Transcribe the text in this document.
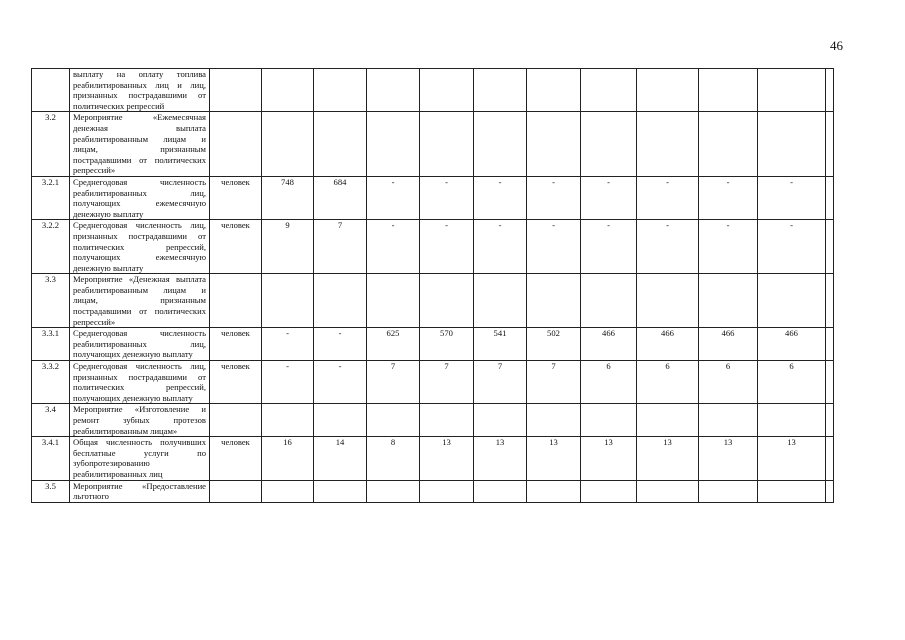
46
	выплату на оплату топлива реабилитированных лиц и лиц, признанных пострадавшими от политических репрессий												
3.2	Мероприятие «Ежемесячная денежная выплата реабилитированным лицам и лицам, признанным пострадавшими от политических репрессий»												
3.2.1	Среднегодовая численность реабилитированных лиц, получающих ежемесячную денежную выплату	человек	748	684	-	-	-	-	-	-	-	-	
3.2.2	Среднегодовая численность лиц, признанных пострадавшими от политических репрессий, получающих ежемесячную денежную выплату	человек	9	7	-	-	-	-	-	-	-	-	
3.3	Мероприятие «Денежная выплата реабилитированным лицам и лицам, признанным пострадавшими от политических репрессий»												
3.3.1	Среднегодовая численность реабилитированных лиц, получающих денежную выплату	человек	-	-	625	570	541	502	466	466	466	466	
3.3.2	Среднегодовая численность лиц, признанных пострадавшими от политических репрессий, получающих денежную выплату	человек	-	-	7	7	7	7	6	6	6	6	
3.4	Мероприятие «Изготовление и ремонт зубных протезов реабилитированным лицам»												
3.4.1	Общая численность получивших бесплатные услуги по зубопротезированию реабилитированных лиц	человек	16	14	8	13	13	13	13	13	13	13	
3.5	Мероприятие «Предоставление льготного												
